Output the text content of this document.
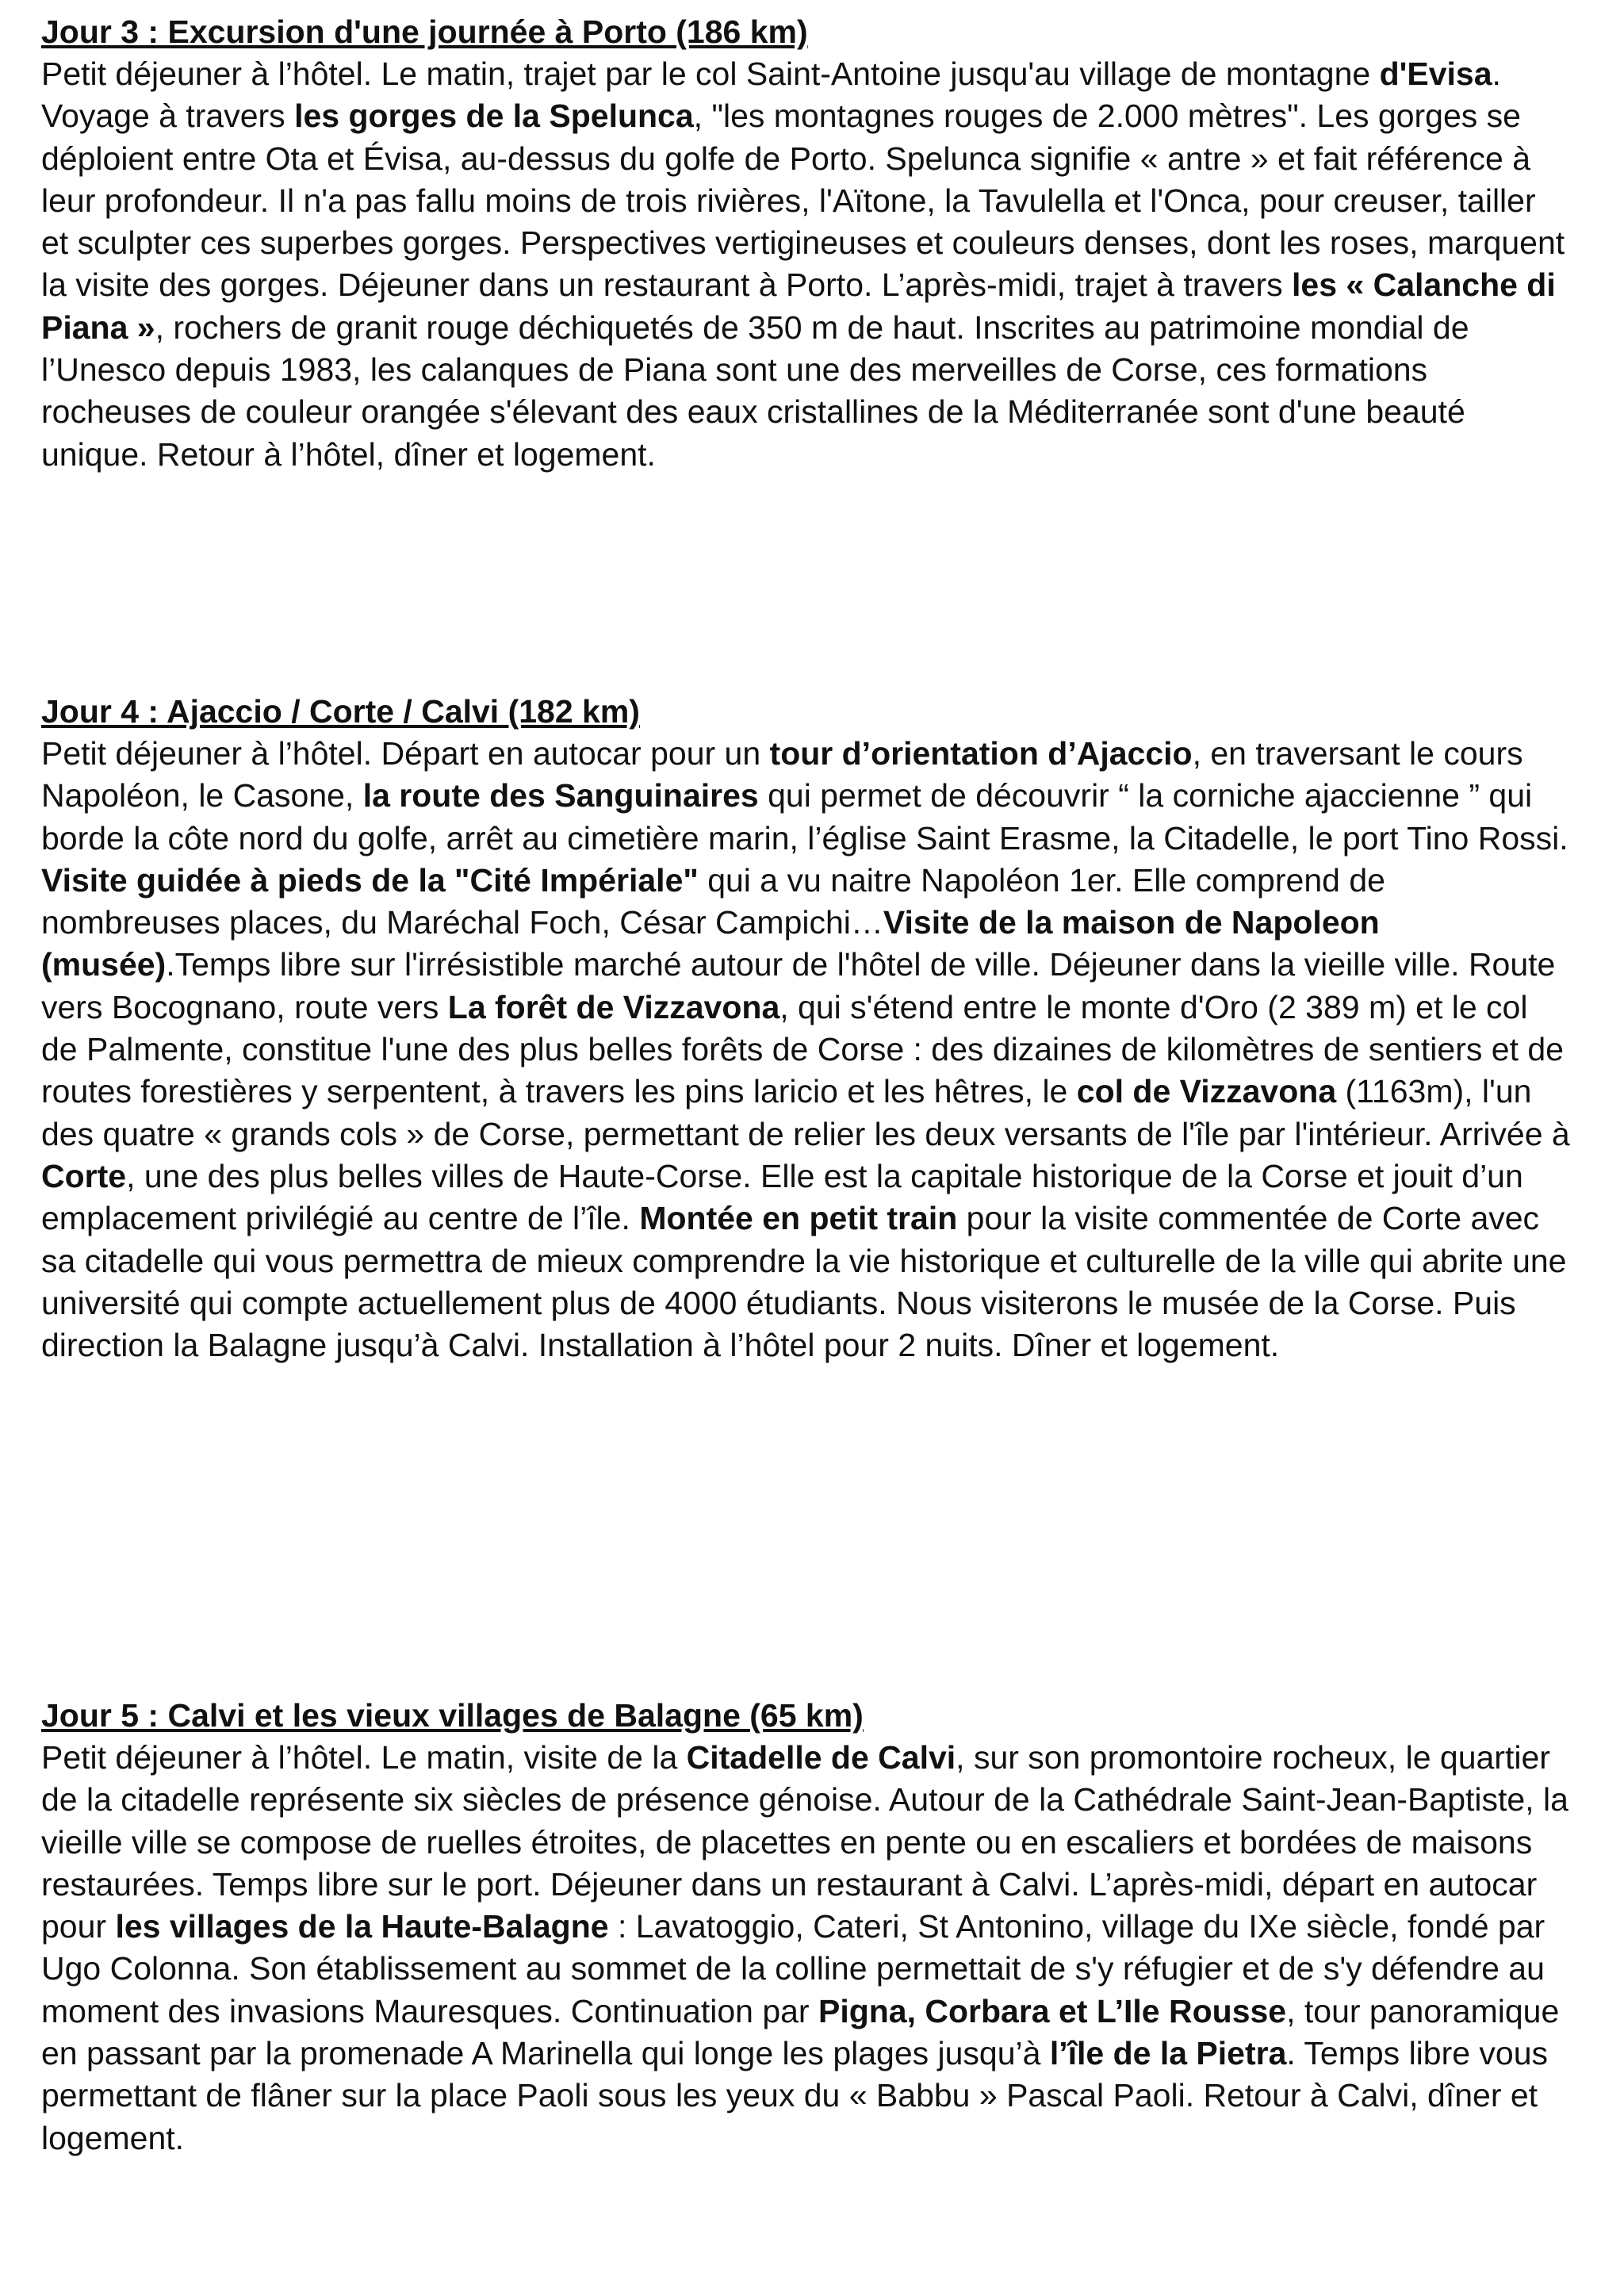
Jour 3 : Excursion d'une journée à Porto (186 km)

Petit déjeuner à l’hôtel. Le matin, trajet par le col Saint-Antoine jusqu'au village de montagne d'Evisa. Voyage à travers les gorges de la Spelunca, "les montagnes rouges de 2.000 mètres". Les gorges se déploient entre Ota et Évisa, au-dessus du golfe de Porto. Spelunca signifie « antre » et fait référence à leur profondeur. Il n'a pas fallu moins de trois rivières, l'Aïtone, la Tavulella et l'Onca, pour creuser, tailler et sculpter ces superbes gorges. Perspectives vertigineuses et couleurs denses, dont les roses, marquent la visite des gorges. Déjeuner dans un restaurant à Porto. L’après-midi, trajet à travers les « Calanche di Piana », rochers de granit rouge déchiquetés de 350 m de haut. Inscrites au patrimoine mondial de l’Unesco depuis 1983, les calanques de Piana sont une des merveilles de Corse, ces formations rocheuses de couleur orangée s'élevant des eaux cristallines de la Méditerranée sont d'une beauté unique. Retour à l’hôtel, dîner et logement.

Jour 4 : Ajaccio / Corte / Calvi (182 km)

Petit déjeuner à l’hôtel. Départ en autocar pour un tour d’orientation d’Ajaccio, en traversant le cours Napoléon, le Casone, la route des Sanguinaires qui permet de découvrir “ la corniche ajaccienne ” qui borde la côte nord du golfe, arrêt au cimetière marin, l’église Saint Erasme, la Citadelle, le port Tino Rossi. Visite guidée à pieds de la "Cité Impériale" qui a vu naitre Napoléon 1er. Elle comprend de nombreuses places, du Maréchal Foch, César Campichi…Visite de la maison de Napoleon (musée).Temps libre sur l'irrésistible marché autour de l'hôtel de ville. Déjeuner dans la vieille ville. Route vers Bocognano, route vers La forêt de Vizzavona, qui s'étend entre le monte d'Oro (2 389 m) et le col de Palmente, constitue l'une des plus belles forêts de Corse : des dizaines de kilomètres de sentiers et de routes forestières y serpentent, à travers les pins laricio et les hêtres, le col de Vizzavona (1163m), l'un des quatre « grands cols » de Corse, permettant de relier les deux versants de l'île par l'intérieur. Arrivée à Corte, une des plus belles villes de Haute-Corse. Elle est la capitale historique de la Corse et jouit d’un emplacement privilégié au centre de l’île. Montée en petit train pour la visite commentée de Corte avec sa citadelle qui vous permettra de mieux comprendre la vie historique et culturelle de la ville qui abrite une université qui compte actuellement plus de 4000 étudiants. Nous visiterons le musée de la Corse. Puis direction la Balagne jusqu’à Calvi. Installation à l’hôtel pour 2 nuits. Dîner et logement.

Jour 5 : Calvi et les vieux villages de Balagne (65 km)

Petit déjeuner à l’hôtel. Le matin, visite de la Citadelle de Calvi, sur son promontoire rocheux, le quartier de la citadelle représente six siècles de présence génoise. Autour de la Cathédrale Saint-Jean-Baptiste, la vieille ville se compose de ruelles étroites, de placettes en pente ou en escaliers et bordées de maisons restaurées. Temps libre sur le port. Déjeuner dans un restaurant à Calvi. L’après-midi, départ en autocar pour les villages de la Haute-Balagne : Lavatoggio, Cateri, St Antonino, village du IXe siècle, fondé par Ugo Colonna. Son établissement au sommet de la colline permettait de s'y réfugier et de s'y défendre au moment des invasions Mauresques. Continuation par Pigna, Corbara et L’Ile Rousse, tour panoramique en passant par la promenade A Marinella qui longe les plages jusqu’à l’île de la Pietra. Temps libre vous permettant de flâner sur la place Paoli sous les yeux du « Babbu » Pascal Paoli. Retour à Calvi, dîner et logement.
